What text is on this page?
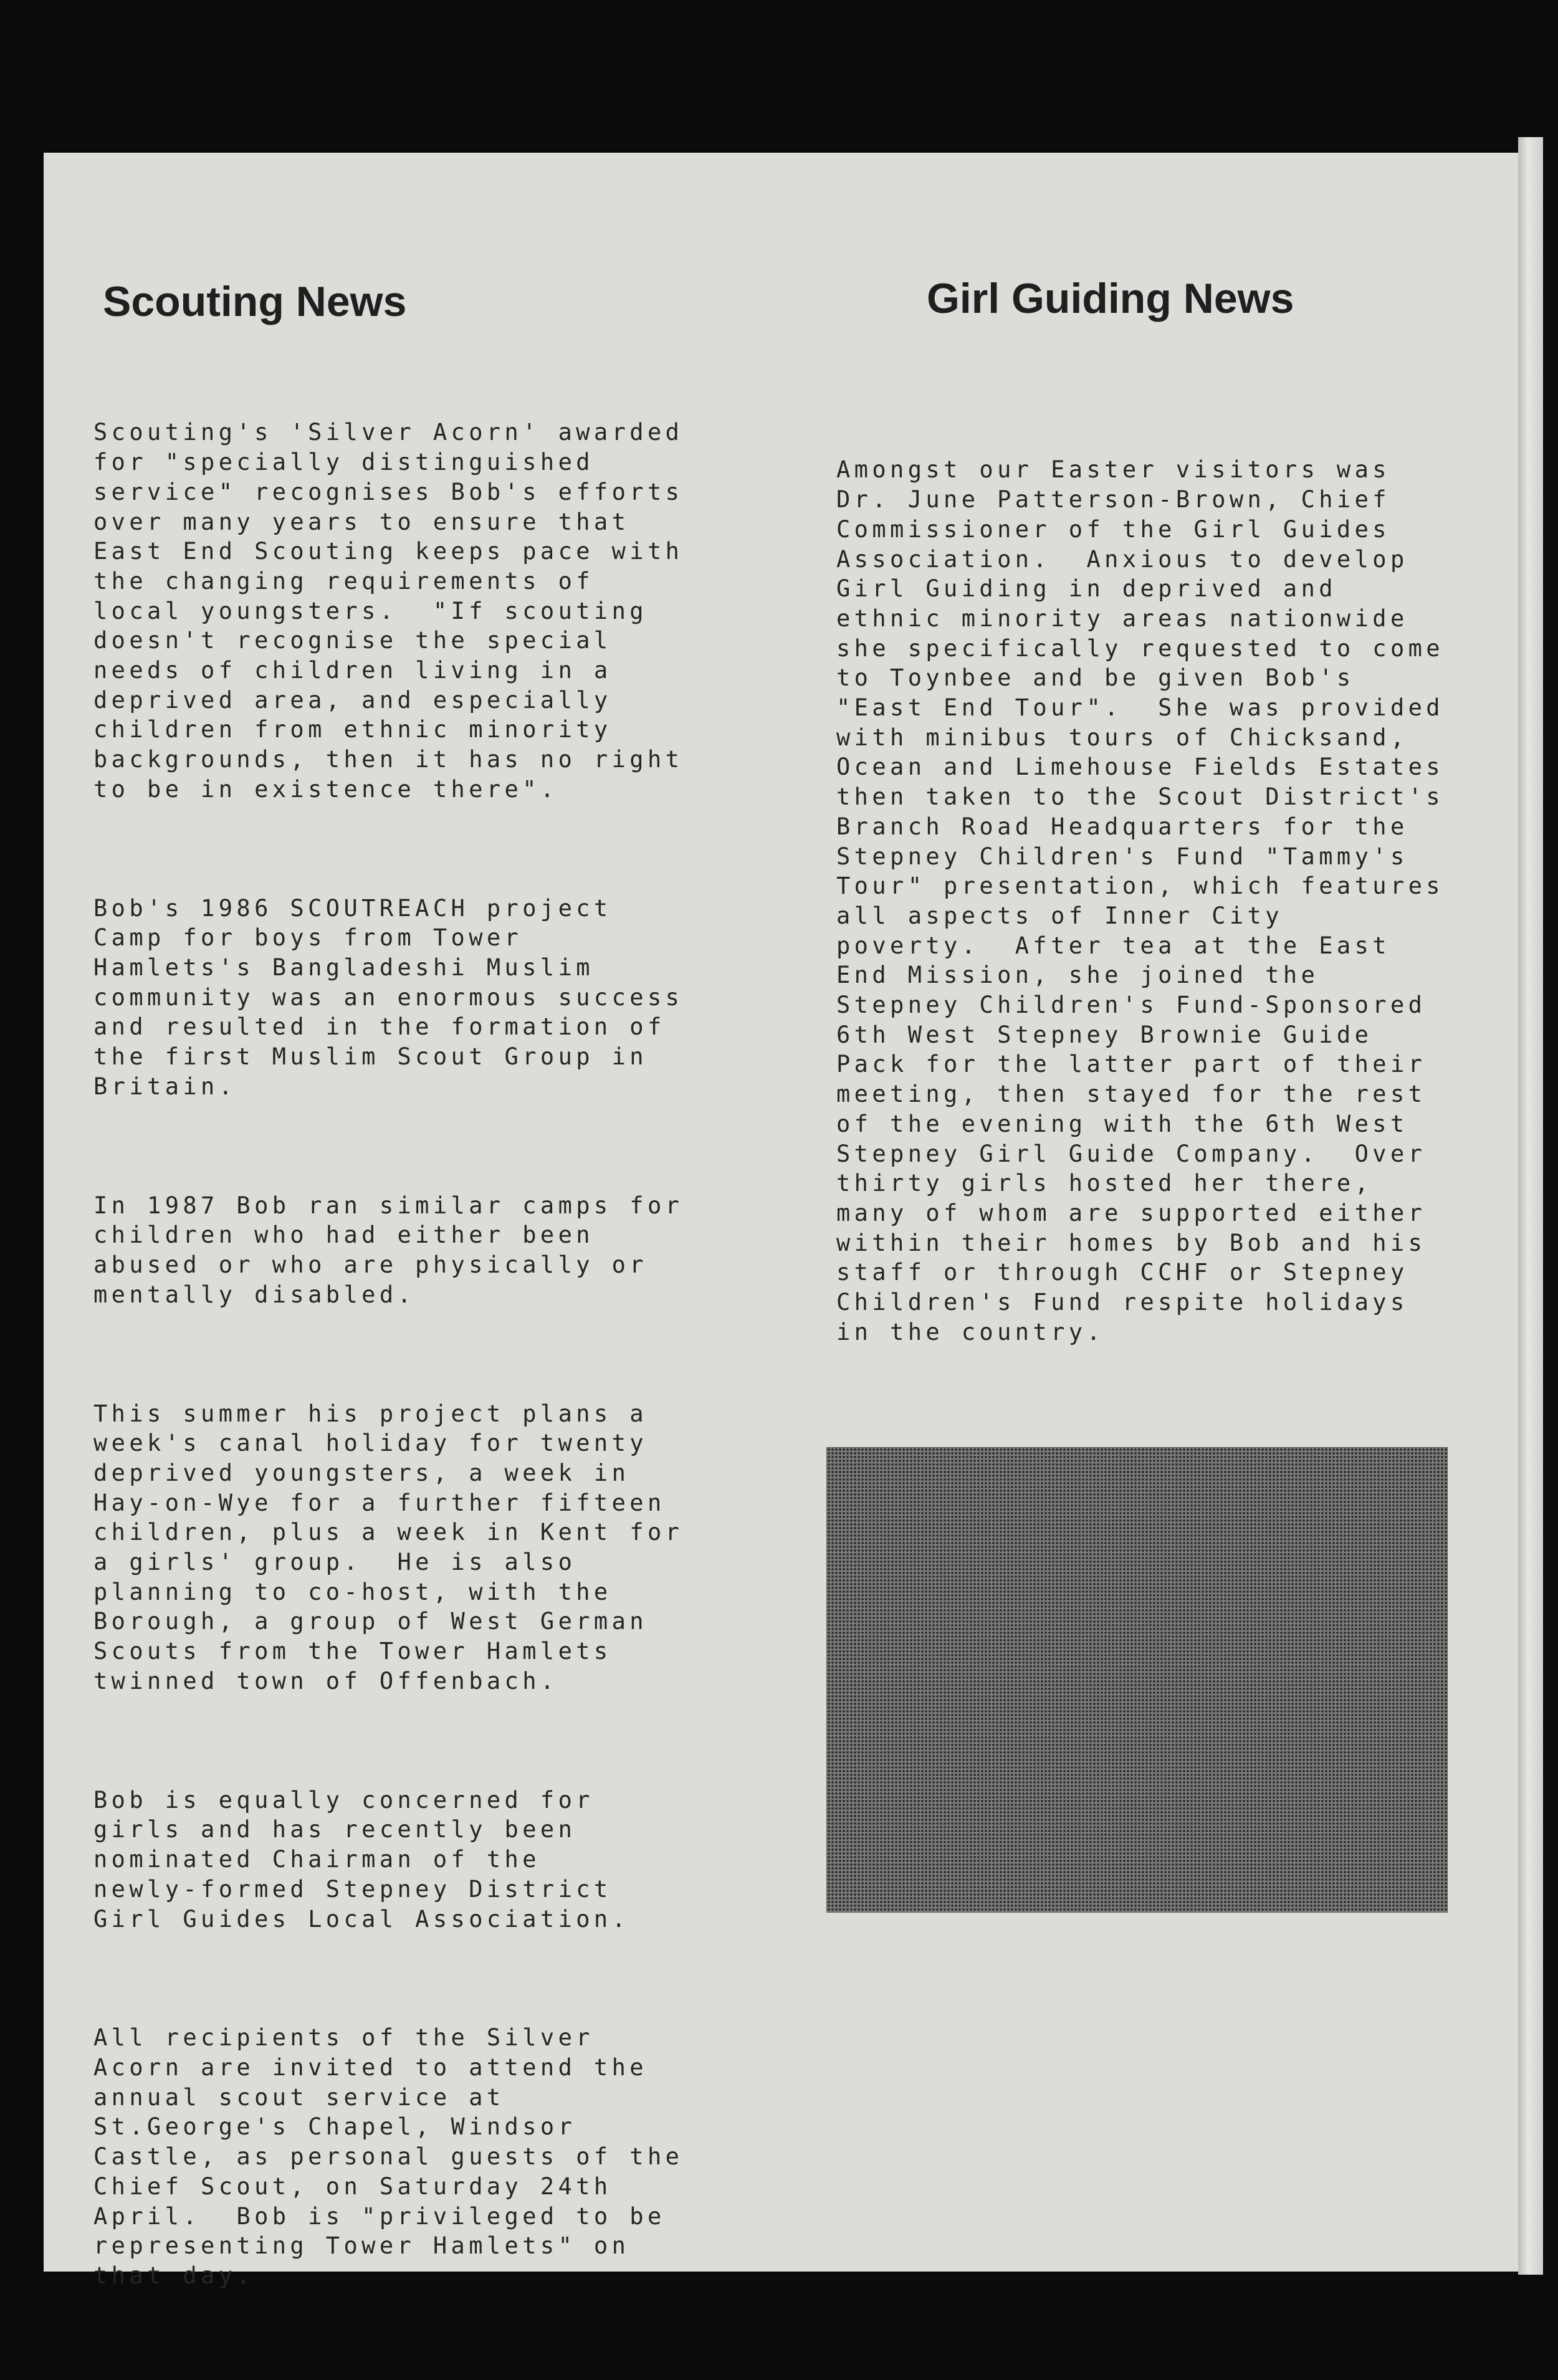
Scouting News	Girl Guiding News

Scouting's 'Silver Acorn' awarded
for "specially distinguished
service" recognises Bob's efforts
over many years to ensure that
East End Scouting keeps pace with
the changing requirements of
local youngsters.  "If scouting
doesn't recognise the special
needs of children living in a
deprived area, and especially
children from ethnic minority
backgrounds, then it has no right
to be in existence there".

Bob's 1986 SCOUTREACH project
Camp for boys from Tower
Hamlets's Bangladeshi Muslim
community was an enormous success
and resulted in the formation of
the first Muslim Scout Group in
Britain.

In 1987 Bob ran similar camps for
children who had either been
abused or who are physically or
mentally disabled.

This summer his project plans a
week's canal holiday for twenty
deprived youngsters, a week in
Hay-on-Wye for a further fifteen
children, plus a week in Kent for
a girls' group.  He is also
planning to co-host, with the
Borough, a group of West German
Scouts from the Tower Hamlets
twinned town of Offenbach.

Bob is equally concerned for
girls and has recently been
nominated Chairman of the
newly-formed Stepney District
Girl Guides Local Association.

All recipients of the Silver
Acorn are invited to attend the
annual scout service at
St.George's Chapel, Windsor
Castle, as personal guests of the
Chief Scout, on Saturday 24th
April.  Bob is "privileged to be
representing Tower Hamlets" on
that day.

Amongst our Easter visitors was
Dr. June Patterson-Brown, Chief
Commissioner of the Girl Guides
Association.  Anxious to develop
Girl Guiding in deprived and
ethnic minority areas nationwide
she specifically requested to come
to Toynbee and be given Bob's
"East End Tour".  She was provided
with minibus tours of Chicksand,
Ocean and Limehouse Fields Estates
then taken to the Scout District's
Branch Road Headquarters for the
Stepney Children's Fund "Tammy's
Tour" presentation, which features
all aspects of Inner City
poverty.  After tea at the East
End Mission, she joined the
Stepney Children's Fund-Sponsored
6th West Stepney Brownie Guide
Pack for the latter part of their
meeting, then stayed for the rest
of the evening with the 6th West
Stepney Girl Guide Company.  Over
thirty girls hosted her there,
many of whom are supported either
within their homes by Bob and his
staff or through CCHF or Stepney
Children's Fund respite holidays
in the country.
